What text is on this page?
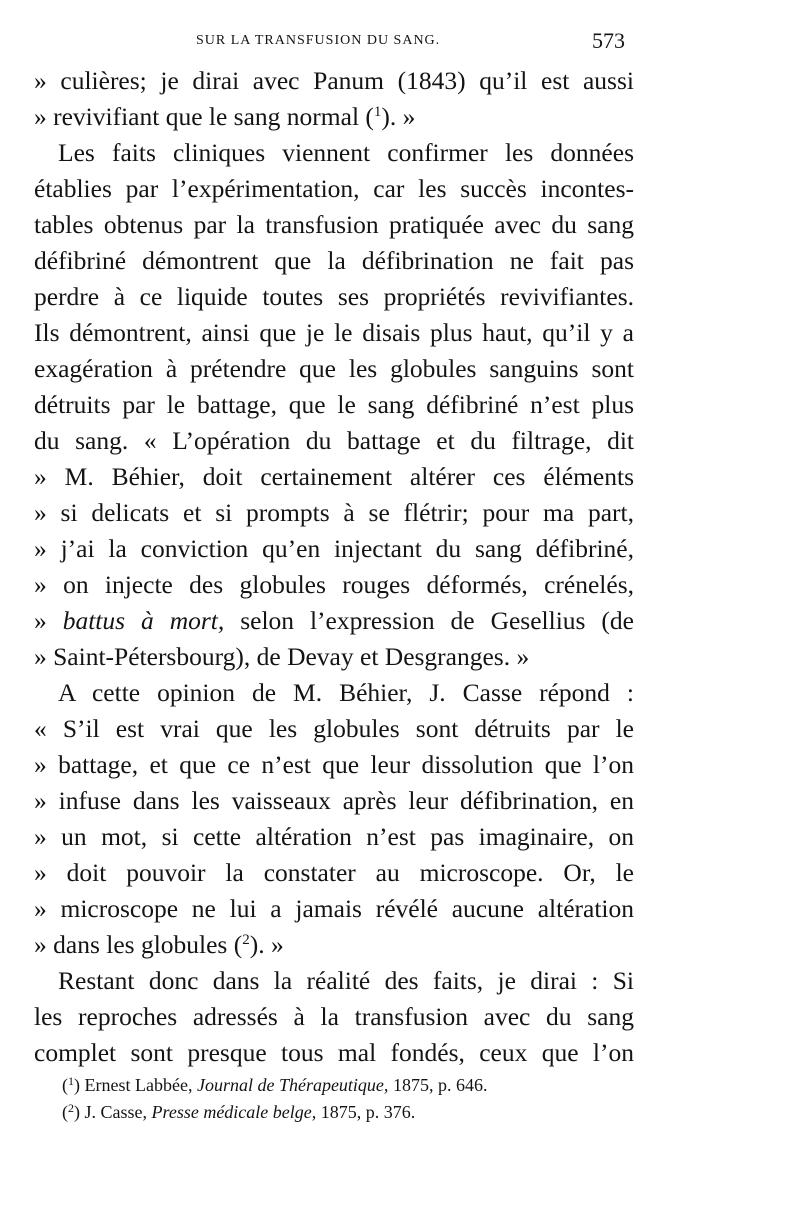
SUR LA TRANSFUSION DU SANG.	573
» culières; je dirai avec Panum (1843) qu’il est aussi
» revivifiant que le sang normal ($^1$). »
Les faits cliniques viennent confirmer les données
établies par l’expérimentation, car les succès incontes-
tables obtenus par la transfusion pratiquée avec du sang
défibriné démontrent que la défibrination ne fait pas
perdre à ce liquide toutes ses propriétés revivifiantes.
Ils démontrent, ainsi que je le disais plus haut, qu’il y a
exagération à prétendre que les globules sanguins sont
détruits par le battage, que le sang défibriné n’est plus
du sang. « L’opération du battage et du filtrage, dit
» M. Béhier, doit certainement altérer ces éléments
» si delicats et si prompts à se flétrir; pour ma part,
» j’ai la conviction qu’en injectant du sang défibriné,
» on injecte des globules rouges déformés, crénelés,
» battus à mort, selon l’expression de Gesellius (de
» Saint-Pétersbourg), de Devay et Desgranges. »
A cette opinion de M. Béhier, J. Casse répond :
« S’il est vrai que les globules sont détruits par le
» battage, et que ce n’est que leur dissolution que l’on
» infuse dans les vaisseaux après leur défibrination, en
» un mot, si cette altération n’est pas imaginaire, on
» doit pouvoir la constater au microscope. Or, le
» microscope ne lui a jamais révélé aucune altération
» dans les globules ($^2$). »
Restant donc dans la réalité des faits, je dirai : Si
les reproches adressés à la transfusion avec du sang
complet sont presque tous mal fondés, ceux que l’on
($^1$) Ernest Labbée, Journal de Thérapeutique, 1875, p. 646.
($^2$) J. Casse, Presse médicale belge, 1875, p. 376.
